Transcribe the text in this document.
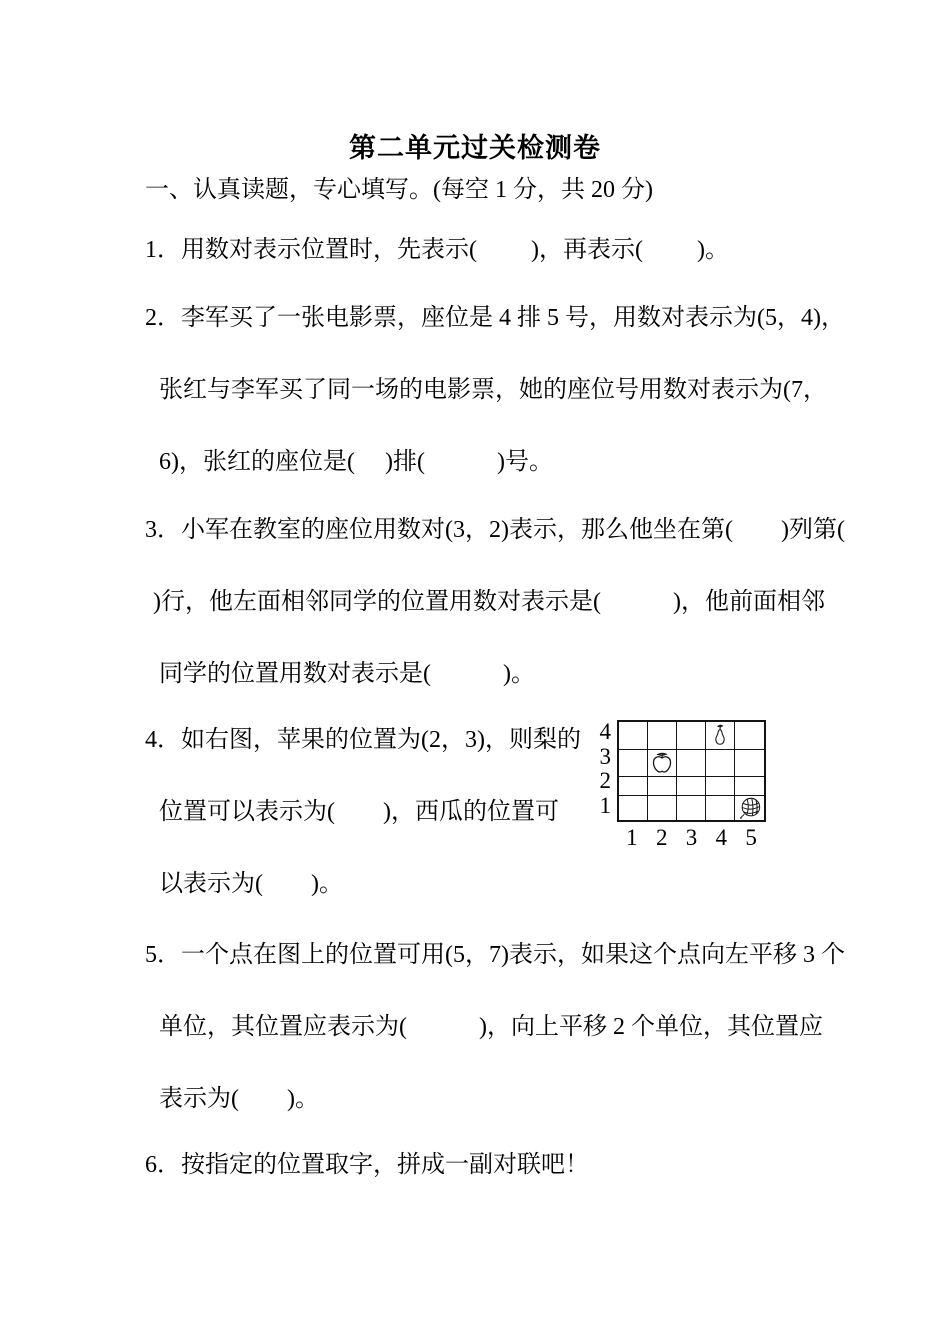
第二单元过关检测卷
一、认真读题，专心填写。(每空 1 分，共 20 分)
1．用数对表示位置时，先表示(　　 )，再表示(　　 )。
2．李军买了一张电影票，座位是 4 排 5 号，用数对表示为(5，4)，
张红与李军买了同一场的电影票，她的座位号用数对表示为(7，
6)，张红的座位是(　 )排(　　　)号。
3．小军在教室的座位用数对(3，2)表示，那么他坐在第(　　)列第(
)行，他左面相邻同学的位置用数对表示是(　　　)，他前面相邻
同学的位置用数对表示是(　　　)。
4．如右图，苹果的位置为(2，3)，则梨的
位置可以表示为(　　)，西瓜的位置可
以表示为(　　)。
5．一个点在图上的位置可用(5，7)表示，如果这个点向左平移 3 个
单位，其位置应表示为(　　　)，向上平移 2 个单位，其位置应
表示为(　　)。
6．按指定的位置取字，拼成一副对联吧！
4
3
2
1
1 2 3 4 5
